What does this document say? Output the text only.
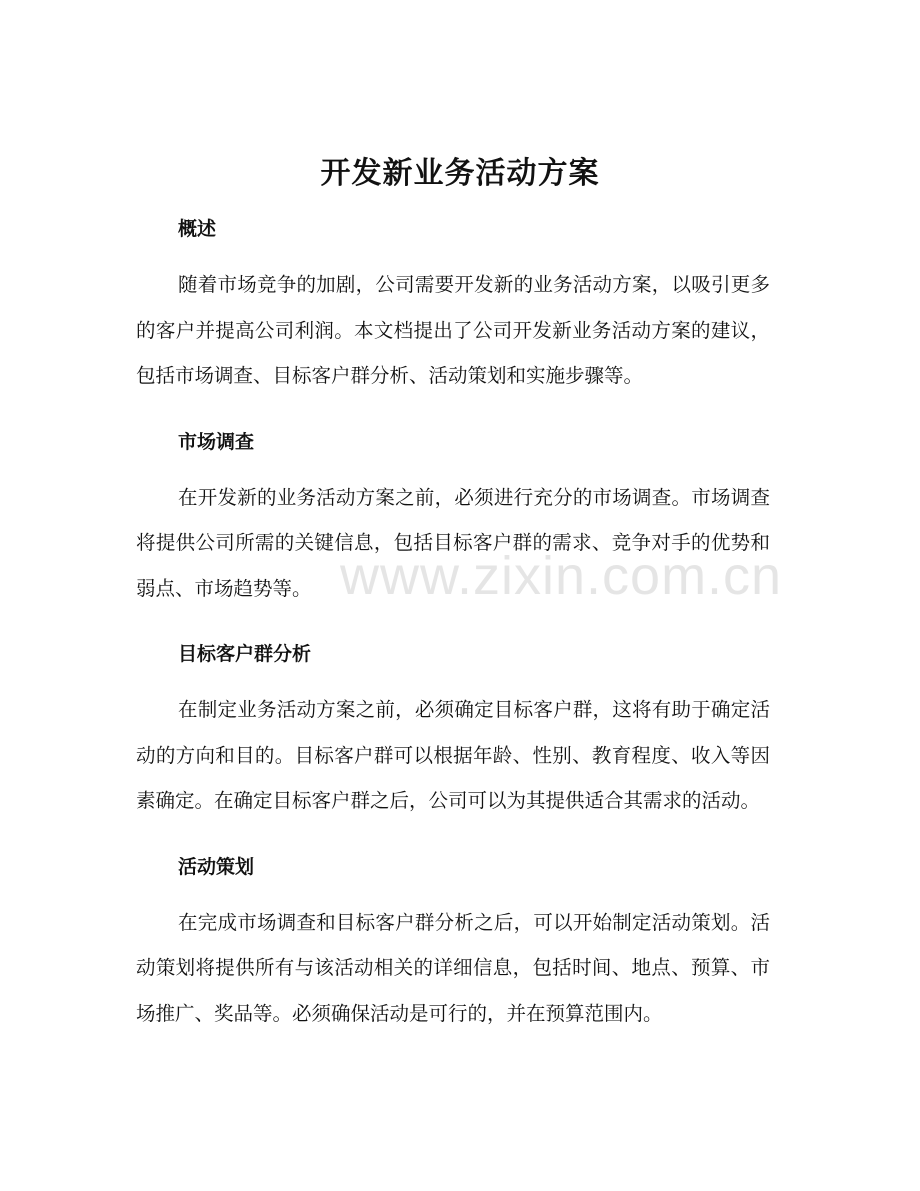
开发新业务活动方案
概述

随着市场竞争的加剧，公司需要开发新的业务活动方案，以吸引更多的客户并提高公司利润。本文档提出了公司开发新业务活动方案的建议，包括市场调查、目标客户群分析、活动策划和实施步骤等。

市场调查

在开发新的业务活动方案之前，必须进行充分的市场调查。市场调查将提供公司所需的关键信息，包括目标客户群的需求、竞争对手的优势和弱点、市场趋势等。

目标客户群分析

在制定业务活动方案之前，必须确定目标客户群，这将有助于确定活动的方向和目的。目标客户群可以根据年龄、性别、教育程度、收入等因素确定。在确定目标客户群之后，公司可以为其提供适合其需求的活动。

活动策划

在完成市场调查和目标客户群分析之后，可以开始制定活动策划。活动策划将提供所有与该活动相关的详细信息，包括时间、地点、预算、市场推广、奖品等。必须确保活动是可行的，并在预算范围内。

www.zixin.com.cn
